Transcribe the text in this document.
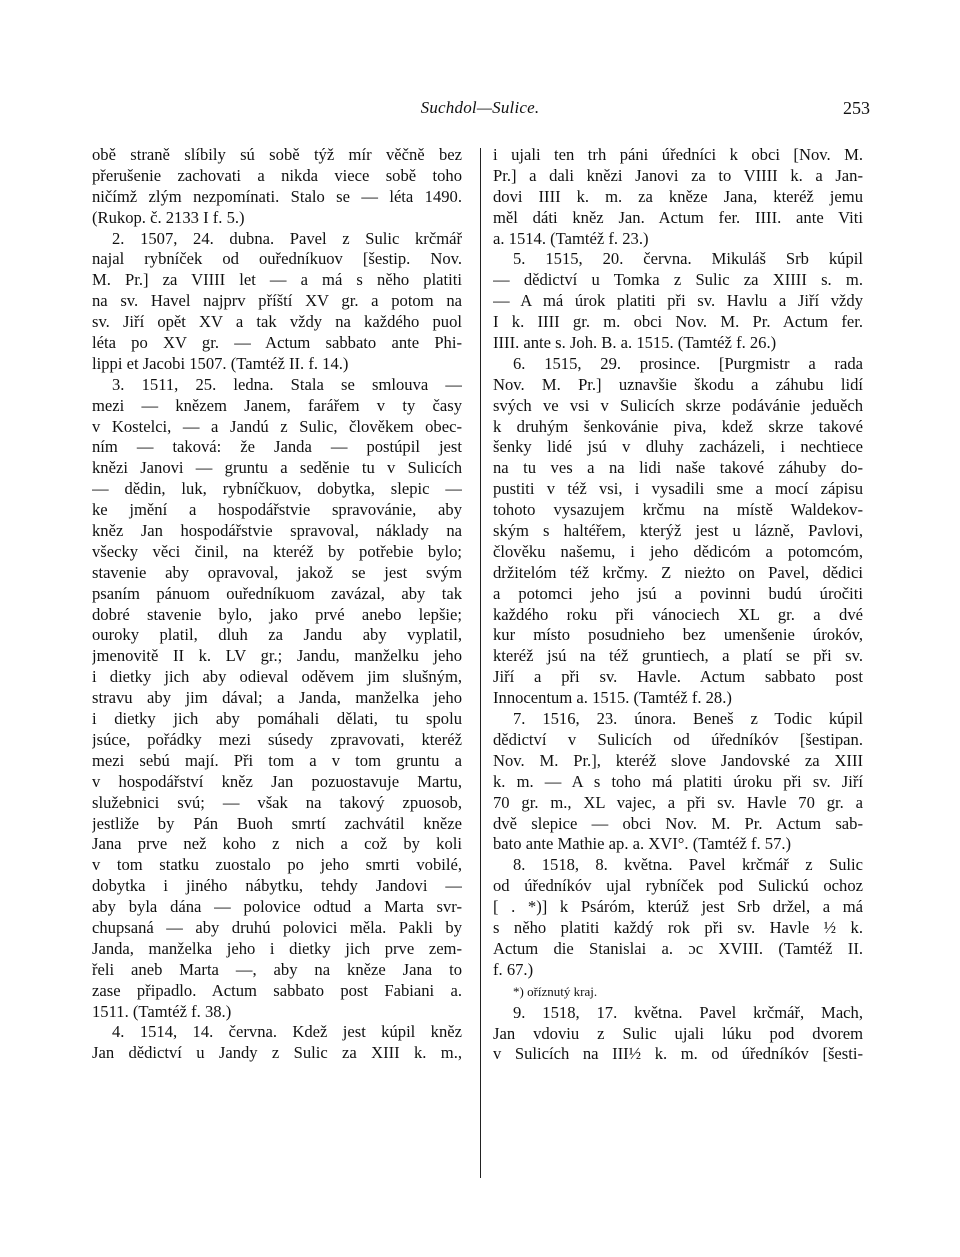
Suchdol—Sulice.	253
obě straně slíbily sú sobě týž mír věčně bez
přerušenie zachovati a nikda viece sobě toho
ničímž zlým nezpomínati. Stalo se — léta 1490.
(Rukop. č. 2133 I f. 5.)
2. 1507, 24. dubna. Pavel z Sulic krčmář
najal rybníček od ouředníkuov [šestip. Nov.
M. Pr.] za VIIII let — a má s něho platiti
na sv. Havel najprv příští XV gr. a potom na
sv. Jiří opět XV a tak vždy na každého puol
léta po XV gr. — Actum sabbato ante Phi-
lippi et Jacobi 1507. (Tamtéž II. f. 14.)
3. 1511, 25. ledna. Stala se smlouva —
mezi — knězem Janem, farářem v ty časy
v Kostelci, — a Jandú z Sulic, člověkem obec-
ním — taková: že Janda — postúpil jest
knězi Janovi — gruntu a seděnie tu v Sulicích
— dědin, luk, rybníčkuov, dobytka, slepic —
ke jmění a hospodářstvie spravovánie, aby
kněz Jan hospodářstvie spravoval, náklady na
všecky věci činil, na kteréž by potřebie bylo;
stavenie aby opravoval, jakož se jest svým
psaním pánuom ouředníkuom zavázal, aby tak
dobré stavenie bylo, jako prvé anebo lepšie;
ouroky platil, dluh za Jandu aby vyplatil,
jmenovitě II k. LV gr.; Jandu, manželku jeho
i dietky jich aby odieval oděvem jim slušným,
stravu aby jim dával; a Janda, manželka jeho
i dietky jich aby pomáhali dělati, tu spolu
jsúce, pořádky mezi súsedy zpravovati, kteréž
mezi sebú mají. Při tom a v tom gruntu a
v hospodářství kněz Jan pozuostavuje Martu,
služebnici svú; — však na takový zpuosob,
jestliže by Pán Buoh smrtí zachvátil kněze
Jana prve než koho z nich a což by koli
v tom statku zuostalo po jeho smrti vobilé,
dobytka i jiného nábytku, tehdy Jandovi —
aby byla dána — polovice odtud a Marta svr-
chupsaná — aby druhú polovici měla. Pakli by
Janda, manželka jeho i dietky jich prve zem-
řeli aneb Marta —, aby na kněze Jana to
zase připadlo. Actum sabbato post Fabiani a.
1511. (Tamtéž f. 38.)
4. 1514, 14. června. Kdež jest kúpil kněz
Jan dědictví u Jandy z Sulic za XIII k. m.,
i ujali ten trh páni úředníci k obci [Nov. M.
Pr.] a dali knězi Janovi za to VIIII k. a Jan-
dovi IIII k. m. za kněze Jana, kteréž jemu
měl dáti kněz Jan. Actum fer. IIII. ante Viti
a. 1514. (Tamtéž f. 23.)
5. 1515, 20. června. Mikuláš Srb kúpil
— dědictví u Tomka z Sulic za XIIII s. m.
— A má úrok platiti při sv. Havlu a Jiří vždy
I k. IIII gr. m. obci Nov. M. Pr. Actum fer.
IIII. ante s. Joh. B. a. 1515. (Tamtéž f. 26.)
6. 1515, 29. prosince. [Purgmistr a rada
Nov. M. Pr.] uznavšie škodu a záhubu lidí
svých ve vsi v Sulicích skrze podávánie jeduěch
k druhým šenkovánie piva, kdež skrze takové
šenky lidé jsú v dluhy zacházeli, i nechtiece
na tu ves a na lidi naše takové záhuby do-
pustiti v též vsi, i vysadili sme a mocí zápisu
tohoto vysazujem krčmu na místě Waldekov-
ským s haltéřem, kterýž jest u lázně, Pavlovi,
člověku našemu, i jeho dědicóm a potomcóm,
držitelóm též krčmy. Z nieżto on Pavel, dědici
a potomci jeho jsú a povinni budú úročiti
každého roku při vánociech XL gr. a dvé
kur místo posudnieho bez umenšenie úrokóv,
kteréž jsú na též gruntiech, a platí se při sv.
Jiří a při sv. Havle. Actum sabbato post
Innocentum a. 1515. (Tamtéž f. 28.)
7. 1516, 23. února. Beneš z Todic kúpil
dědictví v Sulicích od úředníkóv [šestipan.
Nov. M. Pr.], kteréž slove Jandovské za XIII
k. m. — A s toho má platiti úroku při sv. Jiří
70 gr. m., XL vajec, a při sv. Havle 70 gr. a
dvě slepice — obci Nov. M. Pr. Actum sab-
bato ante Mathie ap. a. XVI°. (Tamtéž f. 57.)
8. 1518, 8. května. Pavel krčmář z Sulic
od úředníkóv ujal rybníček pod Sulickú ochoz
[ . *)] k Psáróm, kterúž jest Srb držel, a má
s něho platiti každý rok při sv. Havle ½ k.
Actum die Stanislai a. ɔc XVIII. (Tamtéž II.
f. 67.)
*) oříznutý kraj.
9. 1518, 17. května. Pavel krčmář, Mach,
Jan vdoviu z Sulic ujali lúku pod dvorem
v Sulicích na III½ k. m. od úředníkóv [šesti-
